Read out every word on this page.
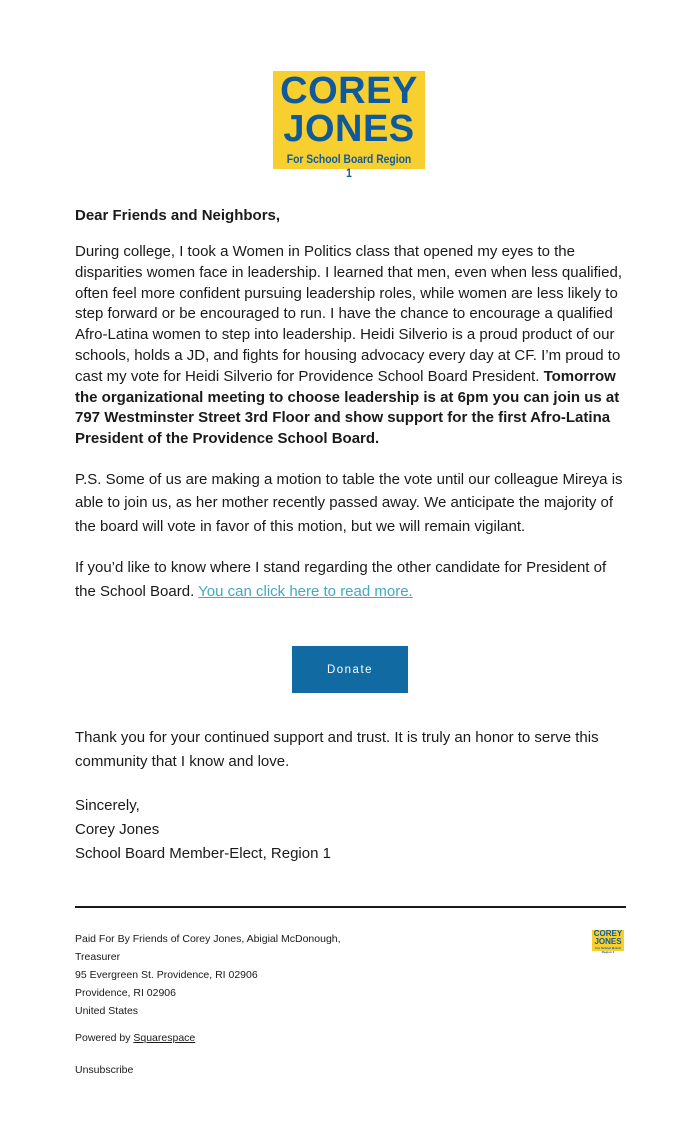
COREY
JONES
For School Board Region 1

Dear Friends and Neighbors,

During college, I took a Women in Politics class that opened my eyes to the disparities women face in leadership. I learned that men, even when less qualified, often feel more confident pursuing leadership roles, while women are less likely to step forward or be encouraged to run. I have the chance to encourage a qualified Afro-Latina women to step into leadership. Heidi Silverio is a proud product of our schools, holds a JD, and fights for housing advocacy every day at CF. I’m proud to cast my vote for Heidi Silverio for Providence School Board President. Tomorrow the organizational meeting to choose leadership is at 6pm you can join us at 797 Westminster Street 3rd Floor and show support for the first Afro-Latina President of the Providence School Board.

P.S. Some of us are making a motion to table the vote until our colleague Mireya is able to join us, as her mother recently passed away. We anticipate the majority of the board will vote in favor of this motion, but we will remain vigilant.

If you’d like to know where I stand regarding the other candidate for President of the School Board. You can click here to read more.

Donate

Thank you for your continued support and trust. It is truly an honor to serve this community that I know and love.

Sincerely,
Corey Jones
School Board Member-Elect, Region 1
Paid For By Friends of Corey Jones, Abigial McDonough, Treasurer
95 Evergreen St. Providence, RI 02906
Providence, RI 02906
United States
Powered by Squarespace
Unsubscribe
COREY
JONES
For School Board Region 1
